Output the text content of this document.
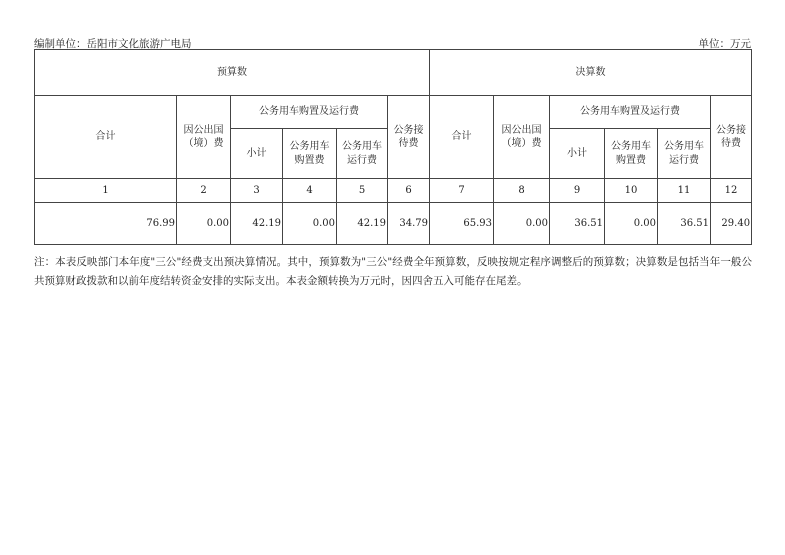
编制单位：岳阳市文化旅游广电局	单位：万元
预算数						决算数					
合计	因公出国（境）费	公务用车购置及运行费			公务接待费	合计	因公出国（境）费	公务用车购置及运行费			公务接待费
		小计	公务用车购置费	公务用车运行费				小计	公务用车购置费	公务用车运行费	
1	2	3	4	5	6	7	8	9	10	11	12
76.99	0.00	42.19	0.00	42.19	34.79	65.93	0.00	36.51	0.00	36.51	29.40
注：本表反映部门本年度"三公"经费支出预决算情况。其中，预算数为"三公"经费全年预算数，反映按规定程序调整后的预算数；决算数是包括当年一般公共预算财政拨款和以前年度结转资金安排的实际支出。本表金额转换为万元时，因四舍五入可能存在尾差。
